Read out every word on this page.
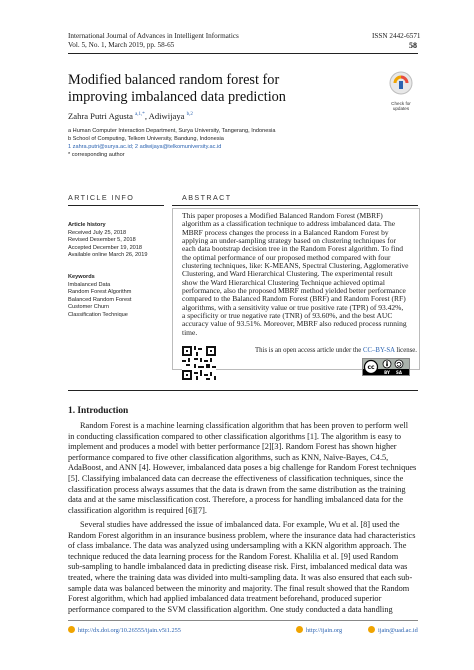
International Journal of Advances in Intelligent Informatics
Vol. 5, No. 1, March 2019, pp. 58-65
ISSN 2442-6571
58
Check for
updates
Modified balanced random forest for improving imbalanced data prediction
Zahra Putri Agusta $^{a,1,*}$, Adiwijaya $^{b,2}$
a Human Computer Interaction Department, Surya University, Tangerang, Indonesia
b School of Computing, Telkom University, Bandung, Indonesia
1 zahra.putri@surya.ac.id; 2 adiwijaya@telkomuniversity.ac.id
* corresponding author
ARTICLE INFO	ABSTRACT
Article history
Received July 25, 2018
Revised Desember 5, 2018
Accepted December 19, 2018
Available online March 26, 2019
Keywords
Imbalanced Data
Random Forest Algorithm
Balanced Random Forest
Customer Churn
Classification Technique
This paper proposes a Modified Balanced Random Forest (MBRF)
algorithm as a classification technique to address imbalanced data. The
MBRF process changes the process in a Balanced Random Forest by
applying an under-sampling strategy based on clustering techniques for
each data bootstrap decision tree in the Random Forest algorithm. To find
the optimal performance of our proposed method compared with four
clustering techniques, like: K-MEANS, Spectral Clustering, Agglomerative
Clustering, and Ward Hierarchical Clustering. The experimental result
show the Ward Hierarchical Clustering Technique achieved optimal
performance, also the proposed MBRF method yielded better performance
compared to the Balanced Random Forest (BRF) and Random Forest (RF)
algorithms, with a sensitivity value or true positive rate (TPR) of 93.42%,
a specificity or true negative rate (TNR) of 93.60%, and the best AUC
accuracy value of 93.51%. Moreover, MBRF also reduced process running
time.
This is an open access article under the CC–BY-SA license.
cc
BY SA
1. Introduction
Random Forest is a machine learning classification algorithm that has been proven to perform well
in conducting classification compared to other classification algorithms [1]. The algorithm is easy to
implement and produces a model with better performance [2][3]. Random Forest has shown higher
performance compared to five other classification algorithms, such as KNN, Naïve-Bayes, C4.5,
AdaBoost, and ANN [4]. However, imbalanced data poses a big challenge for Random Forest techniques
[5]. Classifying imbalanced data can decrease the effectiveness of classification techniques, since the
classification process always assumes that the data is drawn from the same distribution as the training
data and at the same misclassification cost. Therefore, a process for handling imbalanced data for the
classification algorithm is required [6][7].
Several studies have addressed the issue of imbalanced data. For example, Wu et al. [8] used the
Random Forest algorithm in an insurance business problem, where the insurance data had characteristics
of class imbalance. The data was analyzed using undersampling with a KKN algorithm approach. The
technique reduced the data learning process for the Random Forest. Khalilia et al. [9] used Random
sub-sampling to handle imbalanced data in predicting disease risk. First, imbalanced medical data was
treated, where the training data was divided into multi-sampling data. It was also ensured that each sub-
sample data was balanced between the minority and majority. The final result showed that the Random
Forest algorithm, which had applied imbalanced data treatment beforehand, produced superior
performance compared to the SVM classification algorithm. One study conducted a data handling
http://dx.doi.org/10.26555/ijain.v5i1.255	http://ijain.org	ijain@uad.ac.id
